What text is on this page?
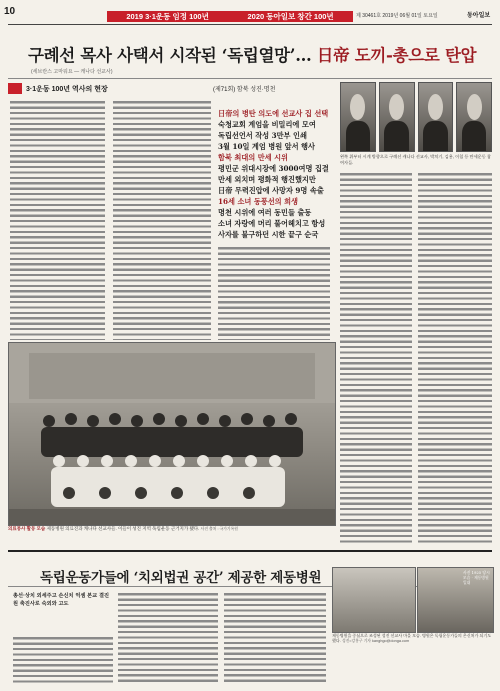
10	2019 3·1운동 임정 100년	2020 동아일보 창간 100년	제 30461호 2019년 06월 01일 토요일	동아일보
구례선 목사 사택서 시작된 ‘독립열망’… 日帝 도끼-총으로 탄압
(세브란스 고마워요 — 캐나다 선교사)
3·1운동 100년 역사의 현장	(제71회) 함북 성진·명천
日帝의 병탄 의도에 선교사 집 선택
숙청교회 계엄을 비밀리에 모여
독립선언서 작성 3만부 인쇄
3월 10일 계엄 병원 앞서 행사
함북 최대의 만세 시위
평민군 위대시장에 3000여명 집결
만세 외치며 평화적 행진했지만
日帝 무력진압에 사망자 9명 속출
16세 소녀 동풍선의 희생
명천 시위에 여러 동민들 출동
소녀 자랑에 머리 풀어헤치고 항성
사자를 불구하던 시한 끝구 순국
왼쪽 위부터 시계 방향으로 구례선 캐나다 선교사, 박치기, 김용, 이철 등 만세운동 참여자들.
의료봉사 활동 모습 제동병원 의료진과 캐나다 선교사들. 이들이 성진 지역 독립운동 근거지가 됐다. 사진 출처 : 국가기록원
독립운동가들에 ‘치외법권 공간’ 제공한 제동병원
총선·상치 외세주고 손신치 억셈 본교 결진원 축진사로 숙외와 고도
사진 1925 당시 모습 · 제동병원 일대
제동병원을 중심으로 조성된 성진 선교사 마을 모습. 병원은 독립운동가들의 은신처가 되기도 했다. 성진=강홍구 기자 kanghgo@donga.com
